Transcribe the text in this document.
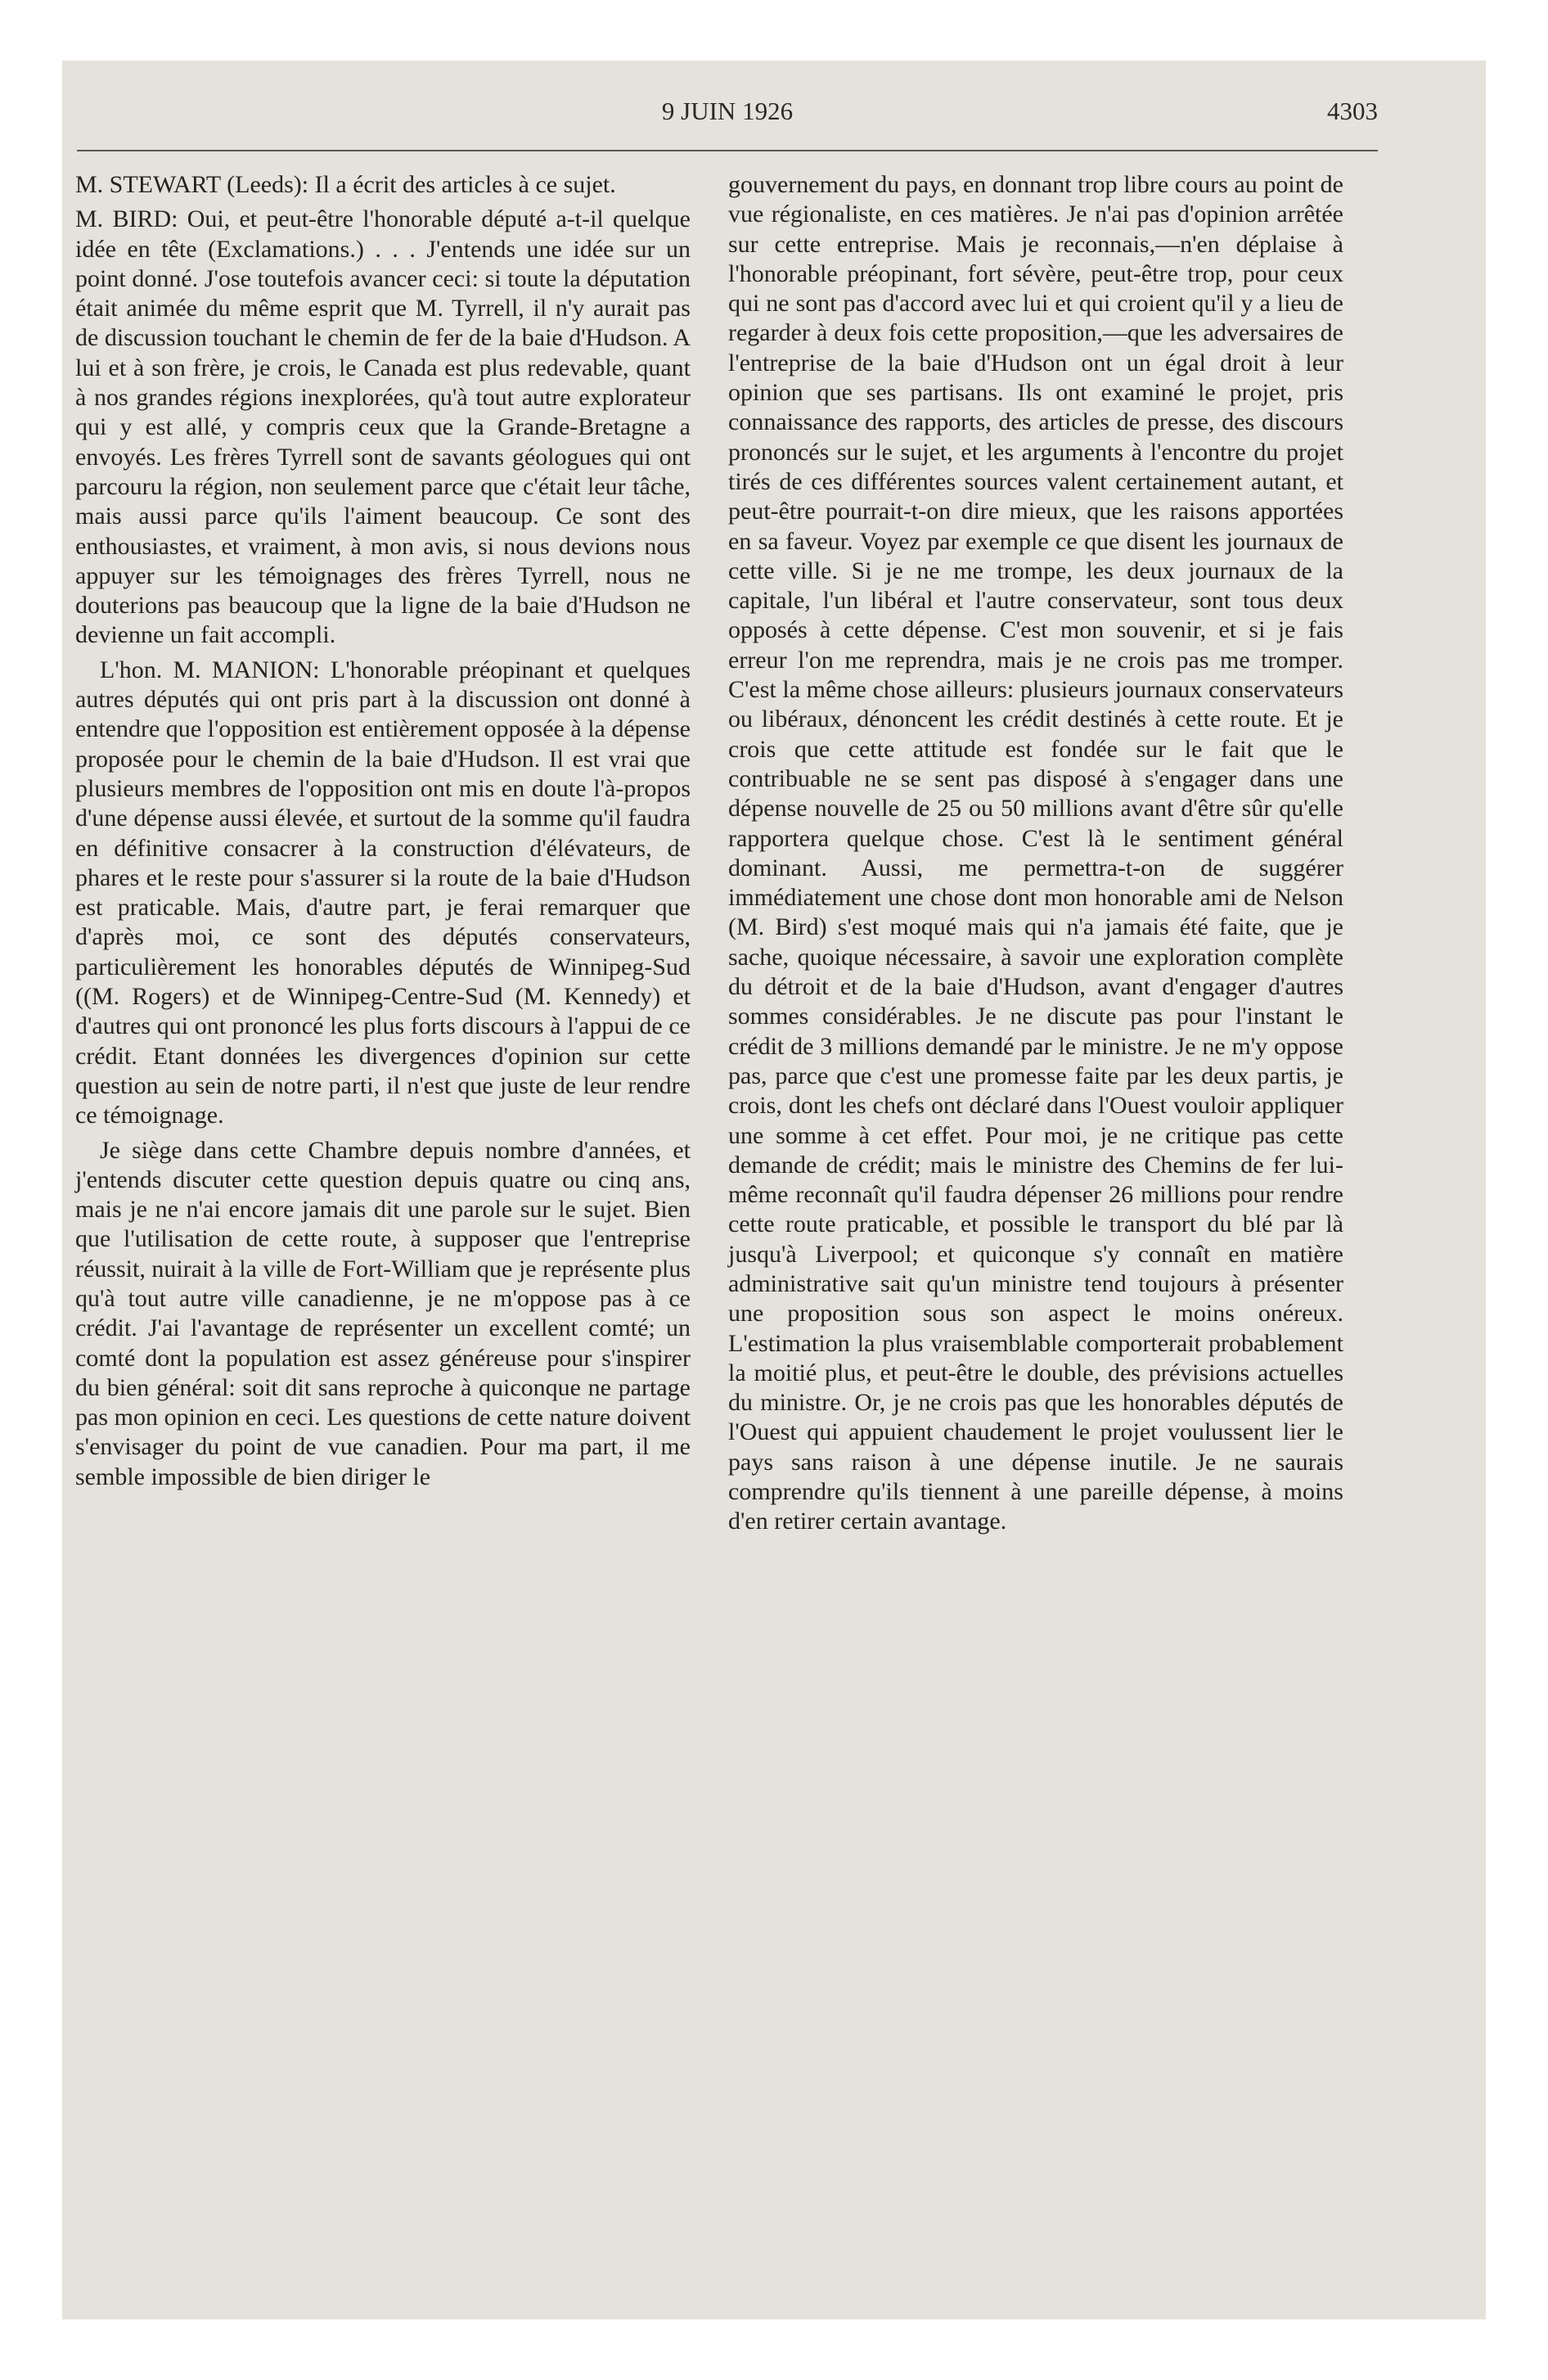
9 JUIN 1926	4303

M. STEWART (Leeds): Il a écrit des articles à ce sujet.

M. BIRD: Oui, et peut-être l'honorable député a-t-il quelque idée en tête (Exclamations.) . . . J'entends une idée sur un point donné. J'ose toutefois avancer ceci: si toute la députation était animée du même esprit que M. Tyrrell, il n'y aurait pas de discussion touchant le chemin de fer de la baie d'Hudson. A lui et à son frère, je crois, le Canada est plus redevable, quant à nos grandes régions inexplorées, qu'à tout autre explorateur qui y est allé, y compris ceux que la Grande-Bretagne a envoyés. Les frères Tyrrell sont de savants géologues qui ont parcouru la région, non seulement parce que c'était leur tâche, mais aussi parce qu'ils l'aiment beaucoup. Ce sont des enthousiastes, et vraiment, à mon avis, si nous devions nous appuyer sur les témoignages des frères Tyrrell, nous ne douterions pas beaucoup que la ligne de la baie d'Hudson ne devienne un fait accompli.

L'hon. M. MANION: L'honorable préopinant et quelques autres députés qui ont pris part à la discussion ont donné à entendre que l'opposition est entièrement opposée à la dépense proposée pour le chemin de la baie d'Hudson. Il est vrai que plusieurs membres de l'opposition ont mis en doute l'à-propos d'une dépense aussi élevée, et surtout de la somme qu'il faudra en définitive consacrer à la construction d'élévateurs, de phares et le reste pour s'assurer si la route de la baie d'Hudson est praticable. Mais, d'autre part, je ferai remarquer que d'après moi, ce sont des députés conservateurs, particulièrement les honorables députés de Winnipeg-Sud ((M. Rogers) et de Winnipeg-Centre-Sud (M. Kennedy) et d'autres qui ont prononcé les plus forts discours à l'appui de ce crédit. Etant données les divergences d'opinion sur cette question au sein de notre parti, il n'est que juste de leur rendre ce témoignage.

Je siège dans cette Chambre depuis nombre d'années, et j'entends discuter cette question depuis quatre ou cinq ans, mais je ne n'ai encore jamais dit une parole sur le sujet. Bien que l'utilisation de cette route, à supposer que l'entreprise réussit, nuirait à la ville de Fort-William que je représente plus qu'à tout autre ville canadienne, je ne m'oppose pas à ce crédit. J'ai l'avantage de représenter un excellent comté; un comté dont la population est assez généreuse pour s'inspirer du bien général: soit dit sans reproche à quiconque ne partage pas mon opinion en ceci. Les questions de cette nature doivent s'envisager du point de vue canadien. Pour ma part, il me semble impossible de bien diriger le

gouvernement du pays, en donnant trop libre cours au point de vue régionaliste, en ces matières. Je n'ai pas d'opinion arrêtée sur cette entreprise. Mais je reconnais,—n'en déplaise à l'honorable préopinant, fort sévère, peut-être trop, pour ceux qui ne sont pas d'accord avec lui et qui croient qu'il y a lieu de regarder à deux fois cette proposition,—que les adversaires de l'entreprise de la baie d'Hudson ont un égal droit à leur opinion que ses partisans. Ils ont examiné le projet, pris connaissance des rapports, des articles de presse, des discours prononcés sur le sujet, et les arguments à l'encontre du projet tirés de ces différentes sources valent certainement autant, et peut-être pourrait-t-on dire mieux, que les raisons apportées en sa faveur. Voyez par exemple ce que disent les journaux de cette ville. Si je ne me trompe, les deux journaux de la capitale, l'un libéral et l'autre conservateur, sont tous deux opposés à cette dépense. C'est mon souvenir, et si je fais erreur l'on me reprendra, mais je ne crois pas me tromper. C'est la même chose ailleurs: plusieurs journaux conservateurs ou libéraux, dénoncent les crédit destinés à cette route. Et je crois que cette attitude est fondée sur le fait que le contribuable ne se sent pas disposé à s'engager dans une dépense nouvelle de 25 ou 50 millions avant d'être sûr qu'elle rapportera quelque chose. C'est là le sentiment général dominant. Aussi, me permettra-t-on de suggérer immédiatement une chose dont mon honorable ami de Nelson (M. Bird) s'est moqué mais qui n'a jamais été faite, que je sache, quoique nécessaire, à savoir une exploration complète du détroit et de la baie d'Hudson, avant d'engager d'autres sommes considérables. Je ne discute pas pour l'instant le crédit de 3 millions demandé par le ministre. Je ne m'y oppose pas, parce que c'est une promesse faite par les deux partis, je crois, dont les chefs ont déclaré dans l'Ouest vouloir appliquer une somme à cet effet. Pour moi, je ne critique pas cette demande de crédit; mais le ministre des Chemins de fer lui-même reconnaît qu'il faudra dépenser 26 millions pour rendre cette route praticable, et possible le transport du blé par là jusqu'à Liverpool; et quiconque s'y connaît en matière administrative sait qu'un ministre tend toujours à présenter une proposition sous son aspect le moins onéreux. L'estimation la plus vraisemblable comporterait probablement la moitié plus, et peut-être le double, des prévisions actuelles du ministre. Or, je ne crois pas que les honorables députés de l'Ouest qui appuient chaudement le projet voulussent lier le pays sans raison à une dépense inutile. Je ne saurais comprendre qu'ils tiennent à une pareille dépense, à moins d'en retirer certain avantage.
